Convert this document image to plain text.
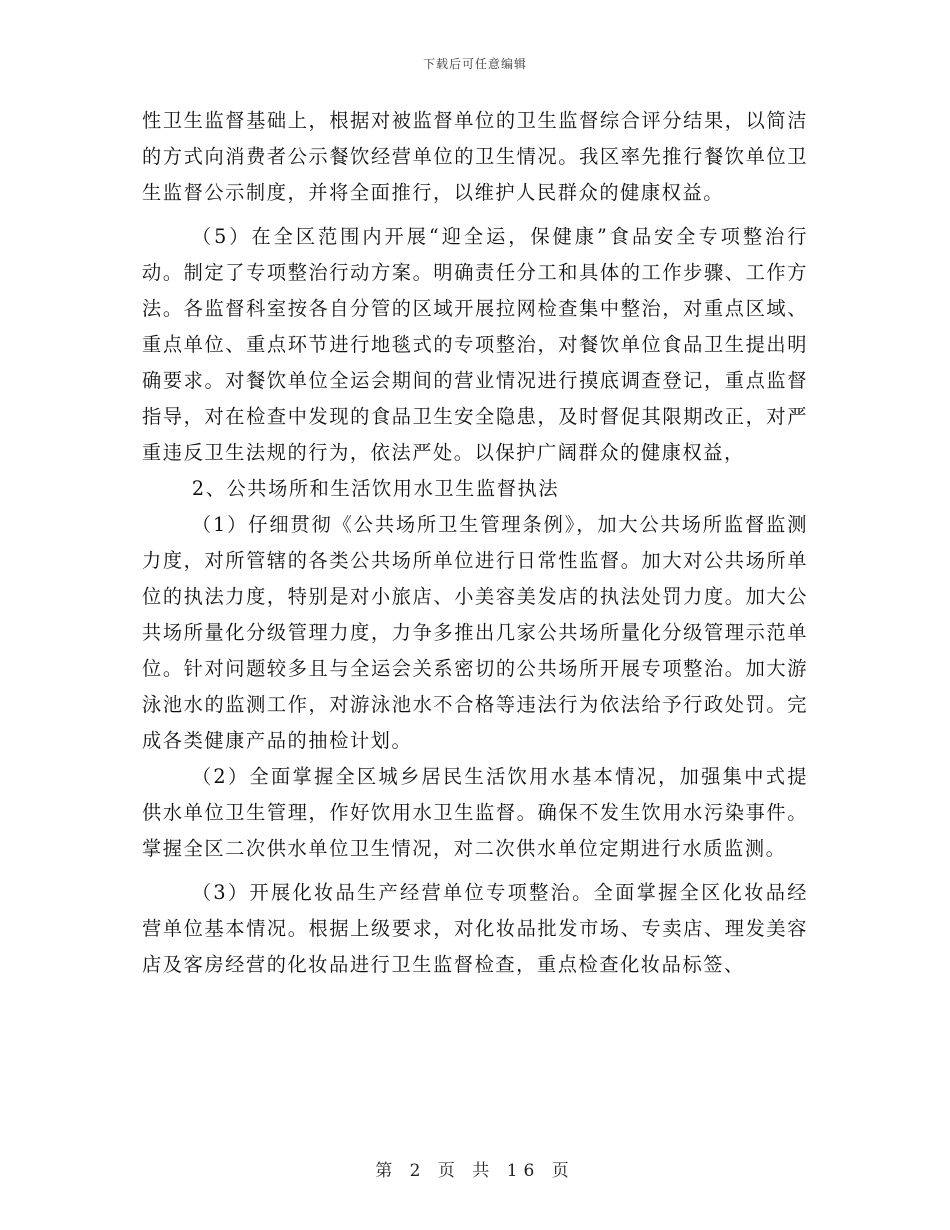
下载后可任意编辑

性卫生监督基础上，根据对被监督单位的卫生监督综合评分结果，以简洁的方式向消费者公示餐饮经营单位的卫生情况。我区率先推行餐饮单位卫生监督公示制度，并将全面推行，以维护人民群众的健康权益。

（5）在全区范围内开展“迎全运，保健康”食品安全专项整治行动。制定了专项整治行动方案。明确责任分工和具体的工作步骤、工作方法。各监督科室按各自分管的区域开展拉网检查集中整治，对重点区域、重点单位、重点环节进行地毯式的专项整治，对餐饮单位食品卫生提出明确要求。对餐饮单位全运会期间的营业情况进行摸底调查登记，重点监督指导，对在检查中发现的食品卫生安全隐患，及时督促其限期改正，对严重违反卫生法规的行为，依法严处。以保护广阔群众的健康权益，

2、公共场所和生活饮用水卫生监督执法

（1）仔细贯彻《公共场所卫生管理条例》，加大公共场所监督监测力度，对所管辖的各类公共场所单位进行日常性监督。加大对公共场所单位的执法力度，特别是对小旅店、小美容美发店的执法处罚力度。加大公共场所量化分级管理力度，力争多推出几家公共场所量化分级管理示范单位。针对问题较多且与全运会关系密切的公共场所开展专项整治。加大游泳池水的监测工作，对游泳池水不合格等违法行为依法给予行政处罚。完成各类健康产品的抽检计划。

（2）全面掌握全区城乡居民生活饮用水基本情况，加强集中式提供水单位卫生管理，作好饮用水卫生监督。确保不发生饮用水污染事件。掌握全区二次供水单位卫生情况，对二次供水单位定期进行水质监测。

（3）开展化妆品生产经营单位专项整治。全面掌握全区化妆品经营单位基本情况。根据上级要求，对化妆品批发市场、专卖店、理发美容店及客房经营的化妆品进行卫生监督检查，重点检查化妆品标签、

第 2 页 共 16 页
